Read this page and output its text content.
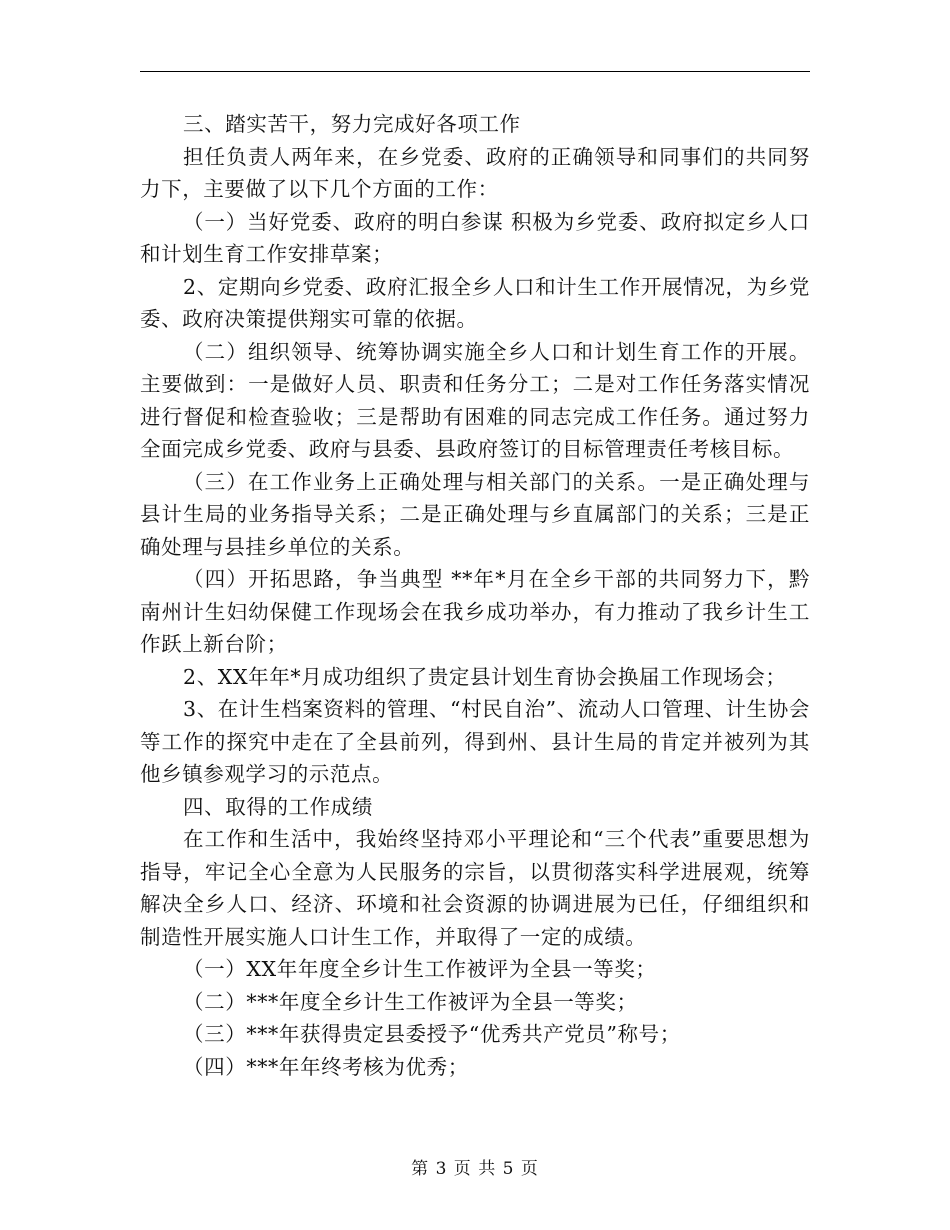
三、踏实苦干，努力完成好各项工作

担任负责人两年来，在乡党委、政府的正确领导和同事们的共同努力下，主要做了以下几个方面的工作：

（一）当好党委、政府的明白参谋 积极为乡党委、政府拟定乡人口和计划生育工作安排草案；

2、定期向乡党委、政府汇报全乡人口和计生工作开展情况，为乡党委、政府决策提供翔实可靠的依据。

（二）组织领导、统筹协调实施全乡人口和计划生育工作的开展。主要做到：一是做好人员、职责和任务分工；二是对工作任务落实情况进行督促和检查验收；三是帮助有困难的同志完成工作任务。通过努力全面完成乡党委、政府与县委、县政府签订的目标管理责任考核目标。

（三）在工作业务上正确处理与相关部门的关系。一是正确处理与县计生局的业务指导关系；二是正确处理与乡直属部门的关系；三是正确处理与县挂乡单位的关系。

（四）开拓思路，争当典型 **年*月在全乡干部的共同努力下，黔南州计生妇幼保健工作现场会在我乡成功举办，有力推动了我乡计生工作跃上新台阶；

2、XX年年*月成功组织了贵定县计划生育协会换届工作现场会；

3、在计生档案资料的管理、“村民自治”、流动人口管理、计生协会等工作的探究中走在了全县前列，得到州、县计生局的肯定并被列为其他乡镇参观学习的示范点。

四、取得的工作成绩

在工作和生活中，我始终坚持邓小平理论和“三个代表”重要思想为指导，牢记全心全意为人民服务的宗旨，以贯彻落实科学进展观，统筹解决全乡人口、经济、环境和社会资源的协调进展为已任，仔细组织和制造性开展实施人口计生工作，并取得了一定的成绩。

（一）XX年年度全乡计生工作被评为全县一等奖；

（二）***年度全乡计生工作被评为全县一等奖；

（三）***年获得贵定县委授予“优秀共产党员”称号；

（四）***年年终考核为优秀；

第 3 页 共 5 页
